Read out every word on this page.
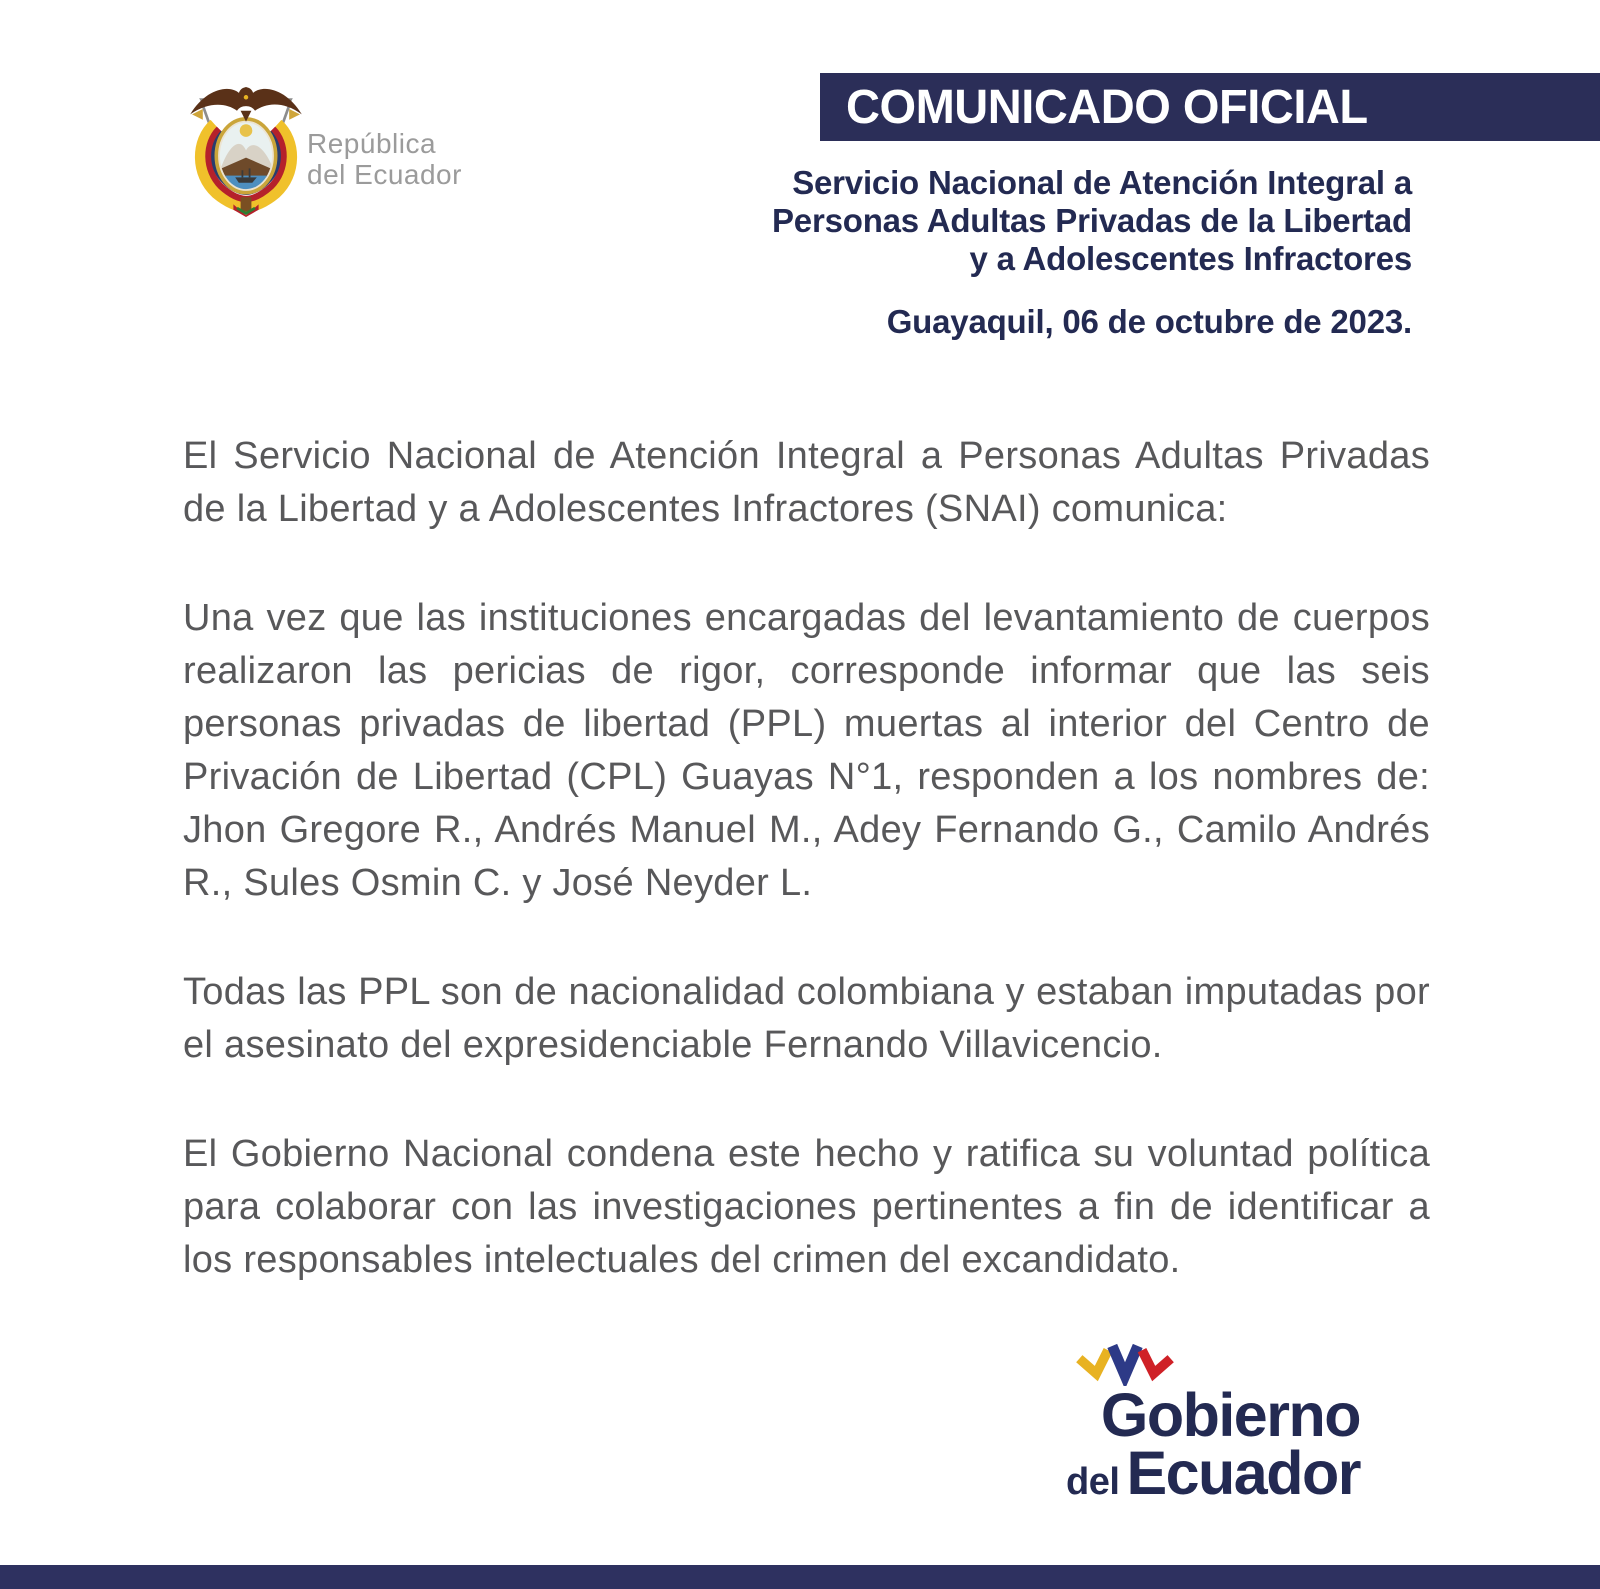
República
del Ecuador
COMUNICADO OFICIAL
Servicio Nacional de Atención Integral a
Personas Adultas Privadas de la Libertad
y a Adolescentes Infractores
Guayaquil, 06 de octubre de 2023.

El Servicio Nacional de Atención Integral a Personas Adultas Privadas de la Libertad y a Adolescentes Infractores (SNAI) comunica:

Una vez que las instituciones encargadas del levantamiento de cuerpos realizaron las pericias de rigor, corresponde informar que las seis personas privadas de libertad (PPL) muertas al interior del Centro de Privación de Libertad (CPL) Guayas N°1, responden a los nombres de: Jhon Gregore R., Andrés Manuel M., Adey Fernando G., Camilo Andrés R., Sules Osmin C. y José Neyder L.

Todas las PPL son de nacionalidad colombiana y estaban imputadas por el asesinato del expresidenciable Fernando Villavicencio.

El Gobierno Nacional condena este hecho y ratifica su voluntad política para colaborar con las investigaciones pertinentes a fin de identificar a los responsables intelectuales del crimen del excandidato.

Gobierno
del Ecuador
